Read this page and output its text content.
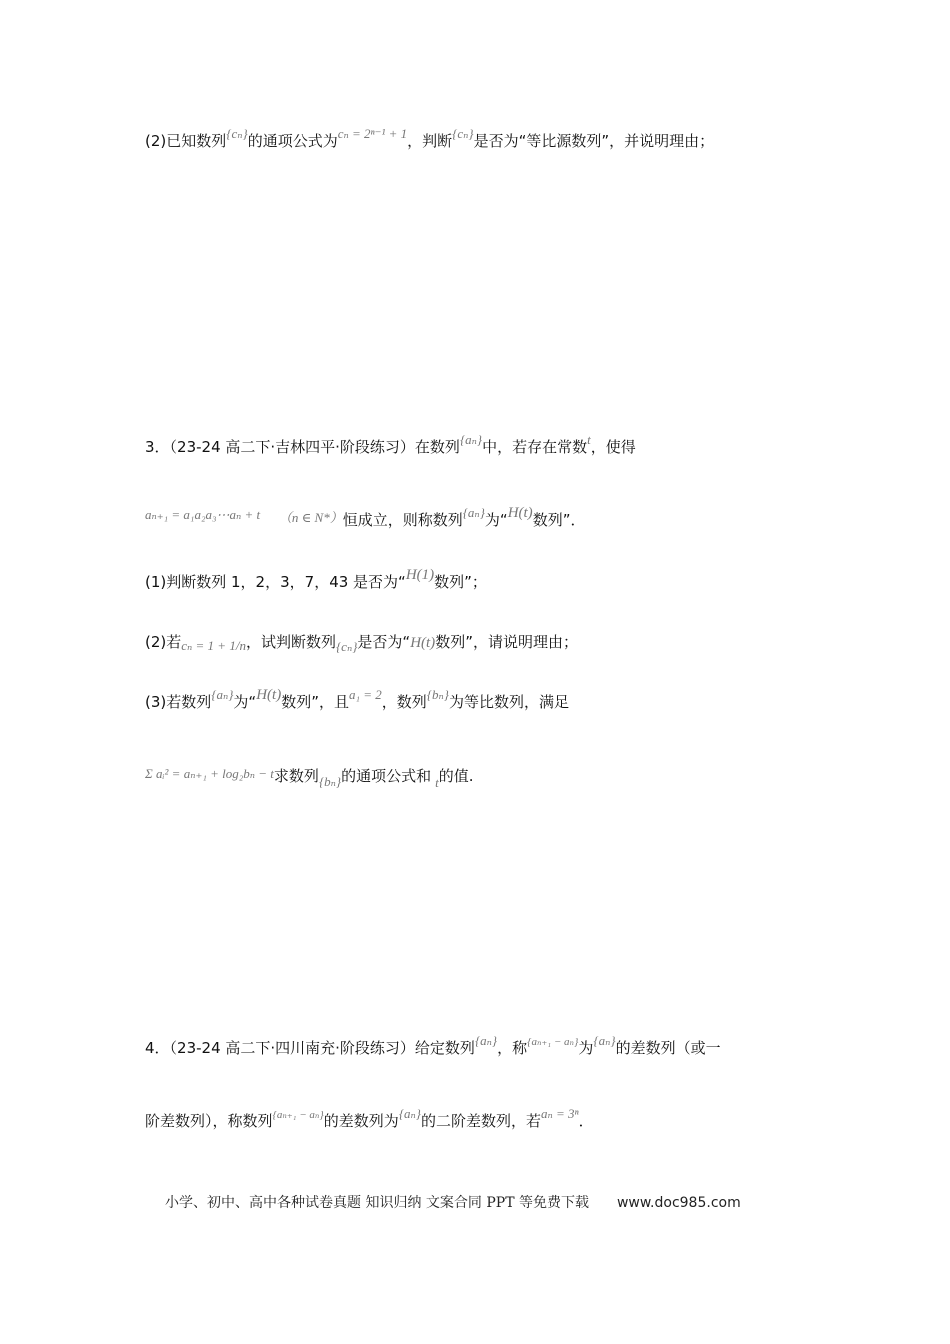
(2)已知数列{cₙ}的通项公式为cₙ = 2ⁿ⁻¹ + 1，判断{cₙ}是否为“等比源数列”，并说明理由；
3．（23-24 高二下·吉林四平·阶段练习）在数列{aₙ}中，若存在常数t，使得
aₙ₊₁ = a₁a₂a₃⋯aₙ + t （n ∈ N*）恒成立，则称数列{aₙ}为“H(t)数列”．
(1)判断数列 1，2，3，7，43 是否为“H(1)数列”；
(2)若cₙ = 1 + 1/n，试判断数列{cₙ}是否为“H(t)数列”，请说明理由；
(3)若数列{aₙ}为“H(t)数列”，且a₁ = 2，数列{bₙ}为等比数列，满足
Σ aᵢ² = aₙ₊₁ + log₂bₙ − t求数列{bₙ}的通项公式和 t的值.
4．（23-24 高二下·四川南充·阶段练习）给定数列{aₙ}，称{aₙ₊₁ − aₙ}为{aₙ}的差数列（或一
阶差数列），称数列{aₙ₊₁ − aₙ}的差数列为{aₙ}的二阶差数列，若aₙ = 3ⁿ．
小学、初中、高中各种试卷真题 知识归纳 文案合同 PPT 等免费下载 www.doc985.com
